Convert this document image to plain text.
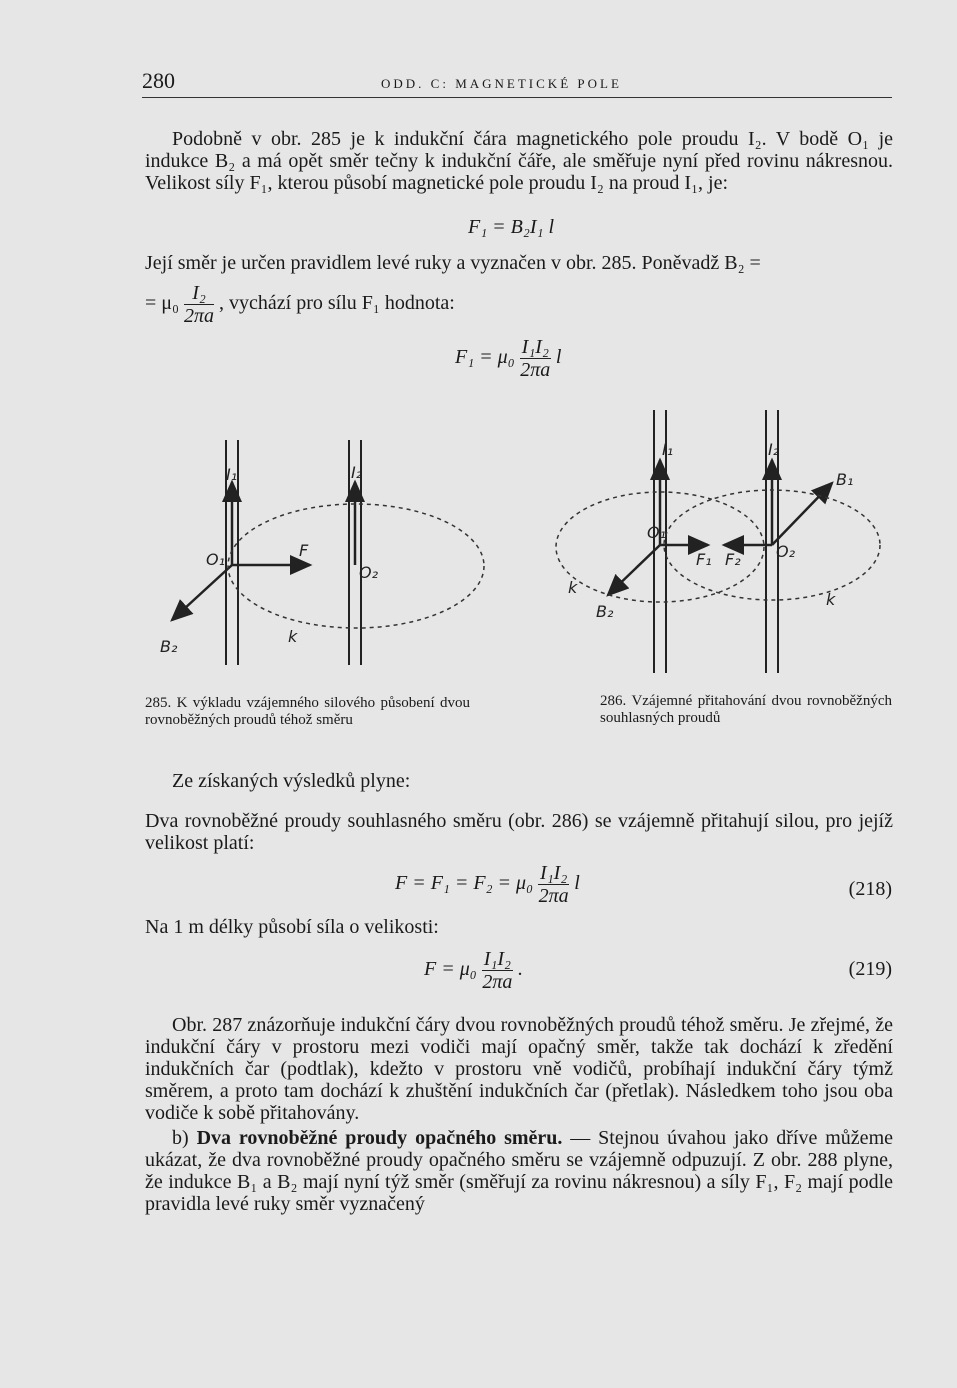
280	ODD. C: MAGNETICKÉ POLE
Podobně v obr. 285 je k indukční čára magnetického pole proudu I₂. V bodě O₁ je indukce B₂ a má opět směr tečny k indukční čáře, ale směřuje nyní před rovinu nákresnou. Velikost síly F₁, kterou působí magnetické pole proudu I₂ na proud I₁, je:
F₁ = B₂I₁ l
Její směr je určen pravidlem levé ruky a vyznačen v obr. 285. Poněvadž B₂ =
= $\mu_0 \frac{\text{I₂}}{2\pi a}$ , vychází pro sílu F₁ hodnota:
$F_1 = \mu_0 \frac{\text{I₁I₂}}{2\pi a}$ l
I₁	I₂
O₁
O₂
F
B₂
k
285. K výkladu vzájemného silového působení dvou rovnoběžných proudů téhož směru
I₁	I₂
O₁
O₂
F₁ F₂
B₁
B₂
k
k
286. Vzájemné přitahování dvou rovnoběžných souhlasných proudů
Ze získaných výsledků plyne:
Dva rovnoběžné proudy souhlasného směru (obr. 286) se vzájemně přitahují silou, pro jejíž velikost platí:
$F = F_1 = F_2 = \mu_0 \frac{\text{I₁I₂}}{2\pi a}$ l	(218)
Na 1 m délky působí síla o velikosti:
$F = \mu_0 \frac{\text{I₁I₂}}{2\pi a}$ .	(219)
Obr. 287 znázorňuje indukční čáry dvou rovnoběžných proudů téhož směru. Je zřejmé, že indukční čáry v prostoru mezi vodiči mají opačný směr, takže tak dochází k zředění indukčních čar (podtlak), kdežto v prostoru vně vodičů, probíhají indukční čáry týmž směrem, a proto tam dochází k zhuštění indukčních čar (přetlak). Následkem toho jsou oba vodiče k sobě přitahovány.
b) Dva rovnoběžné proudy opačného směru. — Stejnou úvahou jako dříve můžeme ukázat, že dva rovnoběžné proudy opačného směru se vzájemně odpuzují. Z obr. 288 plyne, že indukce B₁ a B₂ mají nyní týž směr (směřují za rovinu nákresnou) a síly F₁, F₂ mají podle pravidla levé ruky směr vyznačený
